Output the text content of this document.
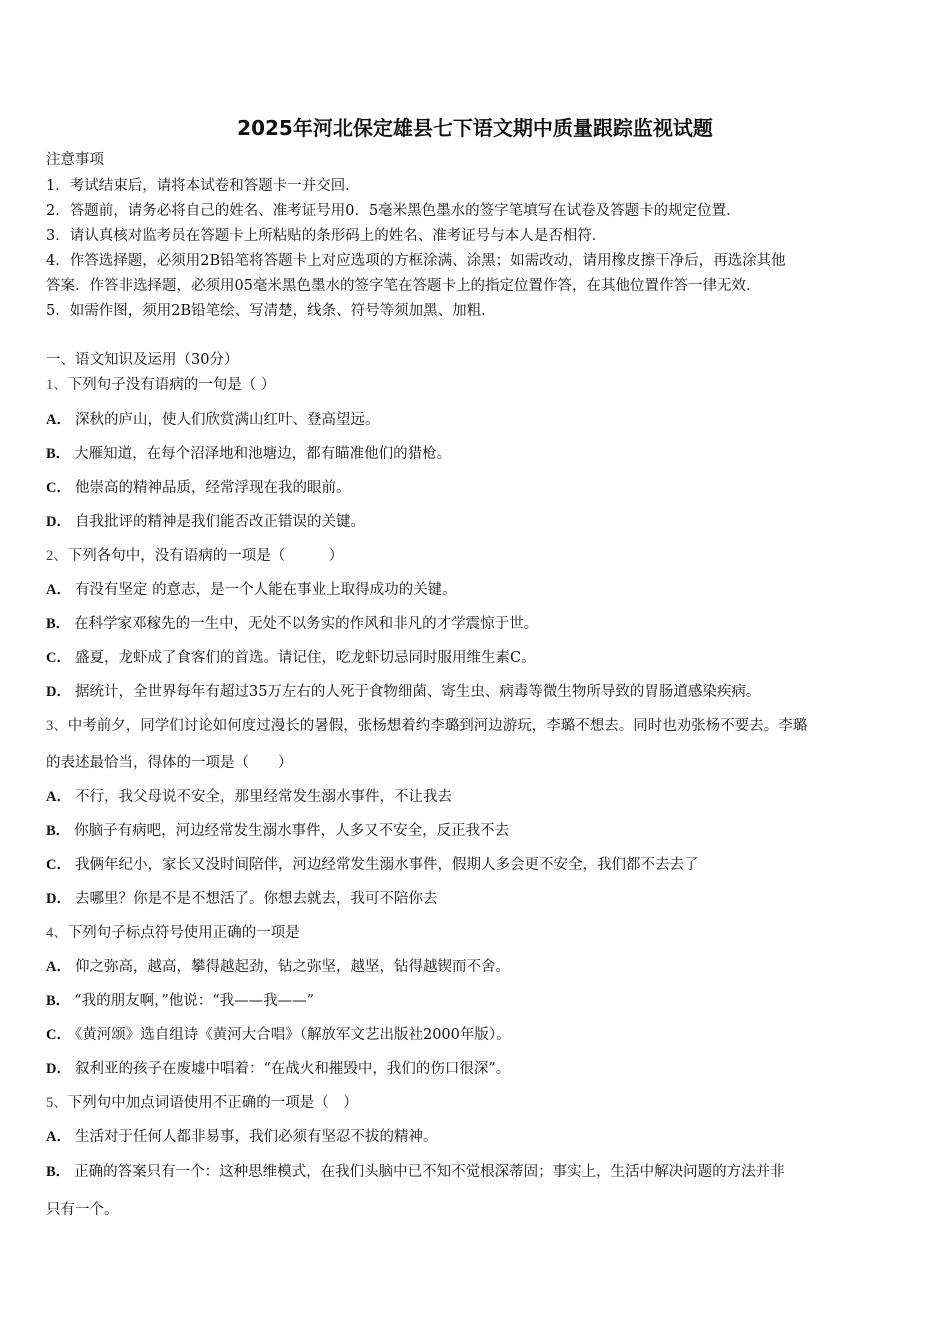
2025年河北保定雄县七下语文期中质量跟踪监视试题
注意事项
1．考试结束后，请将本试卷和答题卡一并交回．
2．答题前，请务必将自己的姓名、准考证号用0．5毫米黑色墨水的签字笔填写在试卷及答题卡的规定位置．
3．请认真核对监考员在答题卡上所粘贴的条形码上的姓名、准考证号与本人是否相符．
4．作答选择题，必须用2B铅笔将答题卡上对应选项的方框涂满、涂黑；如需改动，请用橡皮擦干净后，再选涂其他
答案．作答非选择题，必须用05毫米黑色墨水的签字笔在答题卡上的指定位置作答，在其他位置作答一律无效．
5．如需作图，须用2B铅笔绘、写清楚，线条、符号等须加黑、加粗．
一、语文知识及运用（30分）
1、下列句子没有语病的一句是（ ）
A． 深秋的庐山，使人们欣赏满山红叶、登高望远。
B． 大雁知道，在每个沼泽地和池塘边，都有瞄准他们的猎枪。
C． 他崇高的精神品质，经常浮现在我的眼前。
D． 自我批评的精神是我们能否改正错误的关键。
2、下列各句中，没有语病的一项是（　　　）
A． 有没有坚定 的意志，是一个人能在事业上取得成功的关键。
B． 在科学家邓稼先的一生中，无处不以务实的作风和非凡的才学震惊于世。
C． 盛夏，龙虾成了食客们的首选。请记住，吃龙虾切忌同时服用维生素C。
D． 据统计，全世界每年有超过35万左右的人死于食物细菌、寄生虫、病毒等微生物所导致的胃肠道感染疾病。
3、中考前夕，同学们讨论如何度过漫长的暑假，张杨想着约李璐到河边游玩，李璐不想去。同时也劝张杨不要去。李璐
的表述最恰当，得体的一项是（　　）
A． 不行，我父母说不安全，那里经常发生溺水事件，不让我去
B． 你脑子有病吧，河边经常发生溺水事件，人多又不安全，反正我不去
C． 我俩年纪小，家长又没时间陪伴，河边经常发生溺水事件，假期人多会更不安全，我们都不去去了
D． 去哪里？你是不是不想活了。你想去就去，我可不陪你去
4、下列句子标点符号使用正确的一项是
A． 仰之弥高，越高，攀得越起劲，钻之弥坚，越坚，钻得越锲而不舍。
B． “我的朋友啊，”他说：“我——我——”
C． 《黄河颂》选自组诗《黄河大合唱》（解放军文艺出版社2000年版）。
D． 叙利亚的孩子在废墟中唱着：“在战火和摧毁中，我们的伤口很深”。
5、下列句中加点词语使用不正确的一项是（　）
A． 生活对于任何人都非易事，我们必须有坚忍不拔的精神。
B． 正确的答案只有一个：这种思维模式，在我们头脑中已不知不觉根深蒂固；事实上，生活中解决问题的方法并非
只有一个。
